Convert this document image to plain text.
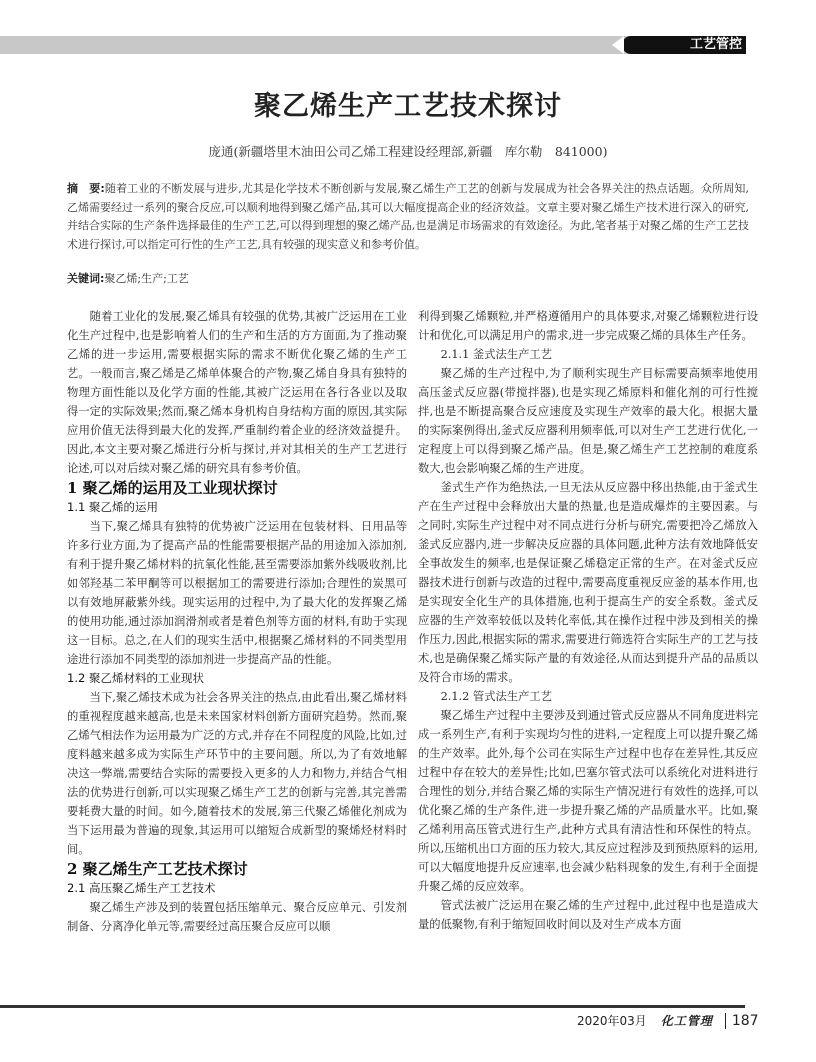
工艺管控
聚乙烯生产工艺技术探讨
庞通(新疆塔里木油田公司乙烯工程建设经理部,新疆　库尔勒　841000)
摘　要:随着工业的不断发展与进步,尤其是化学技术不断创新与发展,聚乙烯生产工艺的创新与发展成为社会各界关注的热点话题。众所周知,乙烯需要经过一系列的聚合反应,可以顺利地得到聚乙烯产品,其可以大幅度提高企业的经济效益。文章主要对聚乙烯生产技术进行深入的研究,并结合实际的生产条件选择最佳的生产工艺,可以得到理想的聚乙烯产品,也是满足市场需求的有效途径。为此,笔者基于对聚乙烯的生产工艺技术进行探讨,可以指定可行性的生产工艺,具有较强的现实意义和参考价值。
关键词:聚乙烯;生产;工艺

随着工业化的发展,聚乙烯具有较强的优势,其被广泛运用在工业化生产过程中,也是影响着人们的生产和生活的方方面面,为了推动聚乙烯的进一步运用,需要根据实际的需求不断优化聚乙烯的生产工艺。一般而言,聚乙烯是乙烯单体聚合的产物,聚乙烯自身具有独特的物理方面性能以及化学方面的性能,其被广泛运用在各行各业以及取得一定的实际效果;然而,聚乙烯本身机构自身结构方面的原因,其实际应用价值无法得到最大化的发挥,严重制约着企业的经济效益提升。因此,本文主要对聚乙烯进行分析与探讨,并对其相关的生产工艺进行论述,可以对后续对聚乙烯的研究具有参考价值。

1 聚乙烯的运用及工业现状探讨
1.1 聚乙烯的运用

当下,聚乙烯具有独特的优势被广泛运用在包装材料、日用品等许多行业方面,为了提高产品的性能需要根据产品的用途加入添加剂,有利于提升聚乙烯材料的抗氧化性能,甚至需要添加紫外线吸收剂,比如邻羟基二苯甲酮等可以根据加工的需要进行添加;合理性的炭黑可以有效地屏蔽紫外线。现实运用的过程中,为了最大化的发挥聚乙烯的使用功能,通过添加润滑剂或者是着色剂等方面的材料,有助于实现这一目标。总之,在人们的现实生活中,根据聚乙烯材料的不同类型用途进行添加不同类型的添加剂进一步提高产品的性能。

1.2 聚乙烯材料的工业现状

当下,聚乙烯技术成为社会各界关注的热点,由此看出,聚乙烯材料的重视程度越来越高,也是未来国家材料创新方面研究趋势。然而,聚乙烯气相法作为运用最为广泛的方式,并存在不同程度的风险,比如,过度料越来越多成为实际生产环节中的主要问题。所以,为了有效地解决这一弊端,需要结合实际的需要投入更多的人力和物力,并结合气相法的优势进行创新,可以实现聚乙烯生产工艺的创新与完善,其完善需要耗费大量的时间。如今,随着技术的发展,第三代聚乙烯催化剂成为当下运用最为普遍的现象,其运用可以缩短合成新型的聚烯烃材料时间。

2 聚乙烯生产工艺技术探讨
2.1 高压聚乙烯生产工艺技术

聚乙烯生产涉及到的装置包括压缩单元、聚合反应单元、引发剂制备、分离净化单元等,需要经过高压聚合反应可以顺

利得到聚乙烯颗粒,并严格遵循用户的具体要求,对聚乙烯颗粒进行设计和优化,可以满足用户的需求,进一步完成聚乙烯的具体生产任务。

2.1.1 釜式法生产工艺

聚乙烯的生产过程中,为了顺利实现生产目标需要高频率地使用高压釜式反应器(带搅拌器),也是实现乙烯原料和催化剂的可行性搅拌,也是不断提高聚合反应速度及实现生产效率的最大化。根据大量的实际案例得出,釜式反应器利用频率低,可以对生产工艺进行优化,一定程度上可以得到聚乙烯产品。但是,聚乙烯生产工艺控制的难度系数大,也会影响聚乙烯的生产进度。

釜式生产作为绝热法,一旦无法从反应器中移出热能,由于釜式生产在生产过程中会释放出大量的热量,也是造成爆炸的主要因素。与之同时,实际生产过程中对不同点进行分析与研究,需要把冷乙烯放入釜式反应器内,进一步解决反应器的具体问题,此种方法有效地降低安全事故发生的频率,也是保证聚乙烯稳定正常的生产。在对釜式反应器技术进行创新与改造的过程中,需要高度重视反应釜的基本作用,也是实现安全化生产的具体措施,也利于提高生产的安全系数。釜式反应器的生产效率较低以及转化率低,其在操作过程中涉及到相关的操作压力,因此,根据实际的需求,需要进行筛选符合实际生产的工艺与技术,也是确保聚乙烯实际产量的有效途径,从而达到提升产品的品质以及符合市场的需求。

2.1.2 管式法生产工艺

聚乙烯生产过程中主要涉及到通过管式反应器从不同角度进料完成一系列生产,有利于实现均匀性的进料,一定程度上可以提升聚乙烯的生产效率。此外,每个公司在实际生产过程中也存在差异性,其反应过程中存在较大的差异性;比如,巴塞尔管式法可以系统化对进料进行合理性的划分,并结合聚乙烯的实际生产情况进行有效性的选择,可以优化聚乙烯的生产条件,进一步提升聚乙烯的产品质量水平。比如,聚乙烯利用高压管式进行生产,此种方式具有清洁性和环保性的特点。所以,压缩机出口方面的压力较大,其反应过程涉及到预热原料的运用,可以大幅度地提升反应速率,也会减少粘料现象的发生,有利于全面提升聚乙烯的反应效率。

管式法被广泛运用在聚乙烯的生产过程中,此过程中也是造成大量的低聚物,有利于缩短回收时间以及对生产成本方面

2020年03月 化工管理 187
